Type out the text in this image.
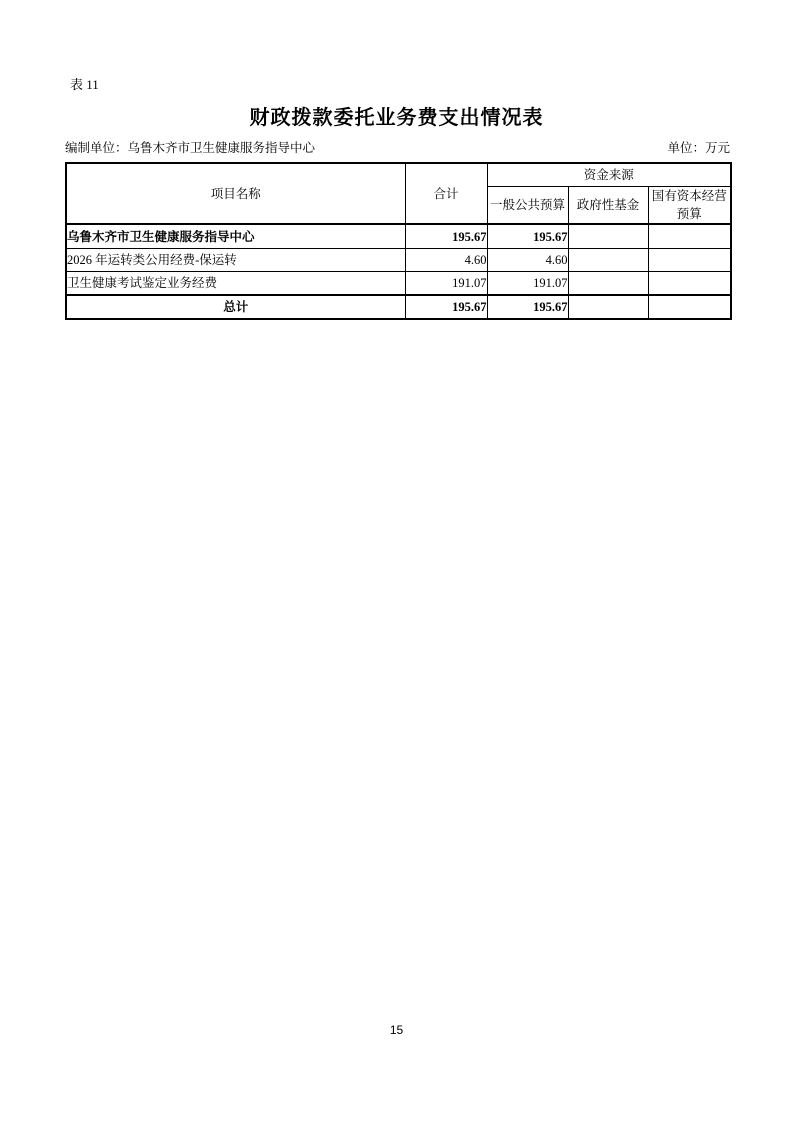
表 11
财政拨款委托业务费支出情况表
编制单位：乌鲁木齐市卫生健康服务指导中心	单位：万元
项目名称	合计	资金来源		
		一般公共预算	政府性基金	国有资本经营预算
乌鲁木齐市卫生健康服务指导中心	195.67	195.67		
2026 年运转类公用经费-保运转	4.60	4.60		
卫生健康考试鉴定业务经费	191.07	191.07		
总计	195.67	195.67		
15
